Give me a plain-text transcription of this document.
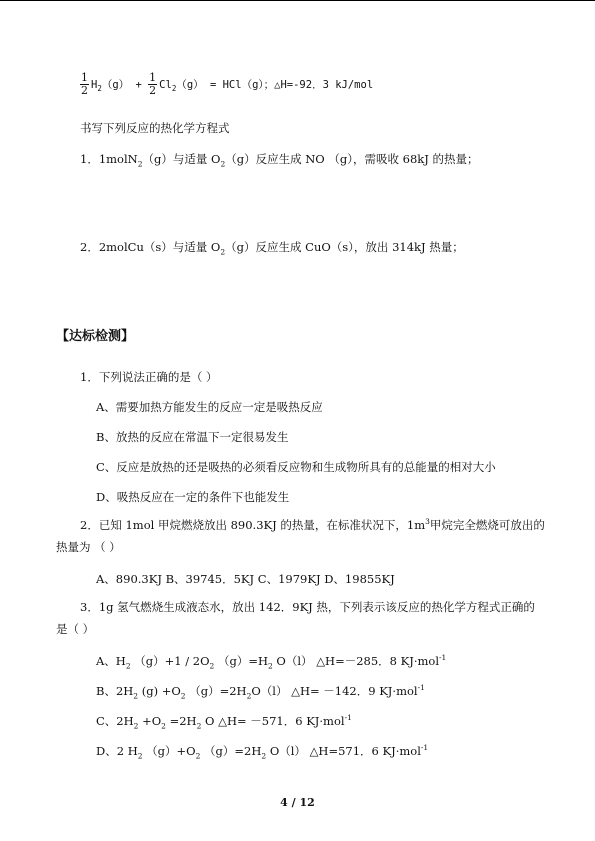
$\frac{1}{2} H_2(g) + \frac{1}{2} Cl_2(g) = HCl(g)$；△H=-92．3 kJ/mol
书写下列反应的热化学方程式
1．1molN$_2$（g）与适量 $O_2(g)$反应生成 NO （g），需吸收 68kJ 的热量；
2．2molCu（s）与适量 $O_2(g)$反应生成 CuO（s），放出 314kJ 热量；
【达标检测】
1．下列说法正确的是（ ）
A、需要加热方能发生的反应一定是吸热反应
B、放热的反应在常温下一定很易发生
C、反应是放热的还是吸热的必须看反应物和生成物所具有的总能量的相对大小
D、吸热反应在一定的条件下也能发生
2．已知 1mol 甲烷燃烧放出 890.3KJ 的热量，在标准状况下，$1m^3$甲烷完全燃烧可放出的
热量为 （ ）
A、890.3KJ B、39745．5KJ C、1979KJ D、19855KJ
3．1g 氢气燃烧生成液态水，放出 142．9KJ 热，下列表示该反应的热化学方程式正确的
是（ ）
A、$H_2$ $(g)+1 / 2O_2$ $(g)=H_2$ O（l） △H=－285．8 KJ·mol$^{-1}$
B、$2H_2$ $(g) +O_2$ $(g)=2H_2O(l)$ △H= －142．9 KJ·mol$^{-1}$
C、$2H_2 +O_2 =2H_2$ O △H= －571．6 KJ·mol$^{-1}$
D、2 $H_2$ $(g)+O_2$ $(g)=2H_2$ O（l） △H=571．6 KJ·mol$^{-1}$
4 / 12
